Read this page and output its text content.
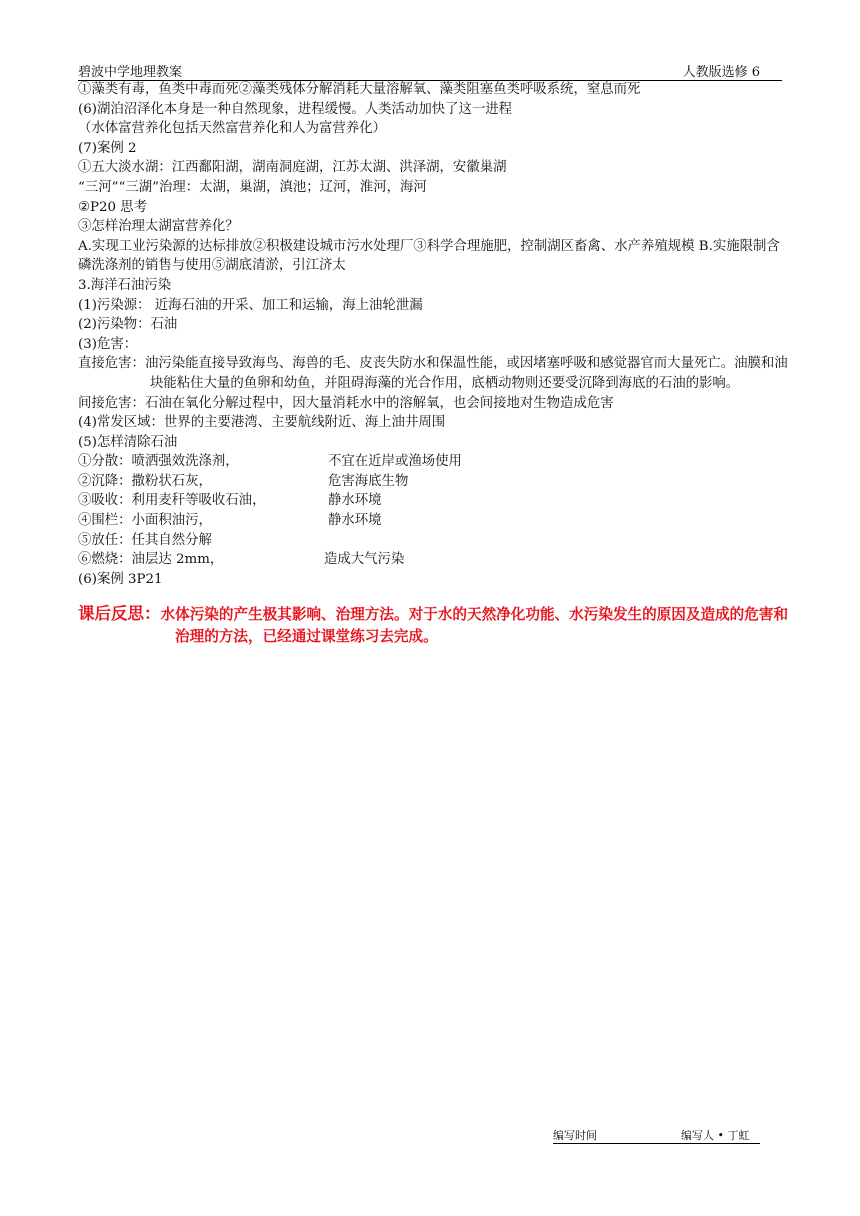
碧波中学地理教案	人教版选修 6
①藻类有毒，鱼类中毒而死②藻类残体分解消耗大量溶解氧、藻类阻塞鱼类呼吸系统，窒息而死
(6)湖泊沼泽化本身是一种自然现象，进程缓慢。人类活动加快了这一进程
（水体富营养化包括天然富营养化和人为富营养化）
(7)案例 2
①五大淡水湖：江西鄱阳湖，湖南洞庭湖，江苏太湖、洪泽湖，安徽巢湖
“三河”“三湖”治理：太湖，巢湖，滇池；辽河，淮河，海河
②P20 思考
③怎样治理太湖富营养化？
A.实现工业污染源的达标排放②积极建设城市污水处理厂③科学合理施肥，控制湖区畜禽、水产养殖规模 B.实施限制含磷洗涤剂的销售与使用⑤湖底清淤，引江济太
3.海洋石油污染
(1)污染源： 近海石油的开采、加工和运输，海上油轮泄漏
(2)污染物：石油
(3)危害：
直接危害：油污染能直接导致海鸟、海兽的毛、皮丧失防水和保温性能，或因堵塞呼吸和感觉器官而大量死亡。油膜和油块能粘住大量的鱼卵和幼鱼，并阻碍海藻的光合作用，底栖动物则还要受沉降到海底的石油的影响。
间接危害：石油在氧化分解过程中，因大量消耗水中的溶解氧，也会间接地对生物造成危害
(4)常发区域：世界的主要港湾、主要航线附近、海上油井周围
(5)怎样清除石油
①分散：喷洒强效洗涤剂，	不宜在近岸或渔场使用
②沉降：撒粉状石灰，	危害海底生物
③吸收：利用麦秆等吸收石油，	静水环境
④围栏：小面积油污，	静水环境
⑤放任：任其自然分解
⑥燃烧：油层达 2mm，	造成大气污染
(6)案例 3P21
课后反思：水体污染的产生极其影响、治理方法。对于水的天然净化功能、水污染发生的原因及造成的危害和治理的方法，已经通过课堂练习去完成。
编写时间	编写人 • 丁虹
